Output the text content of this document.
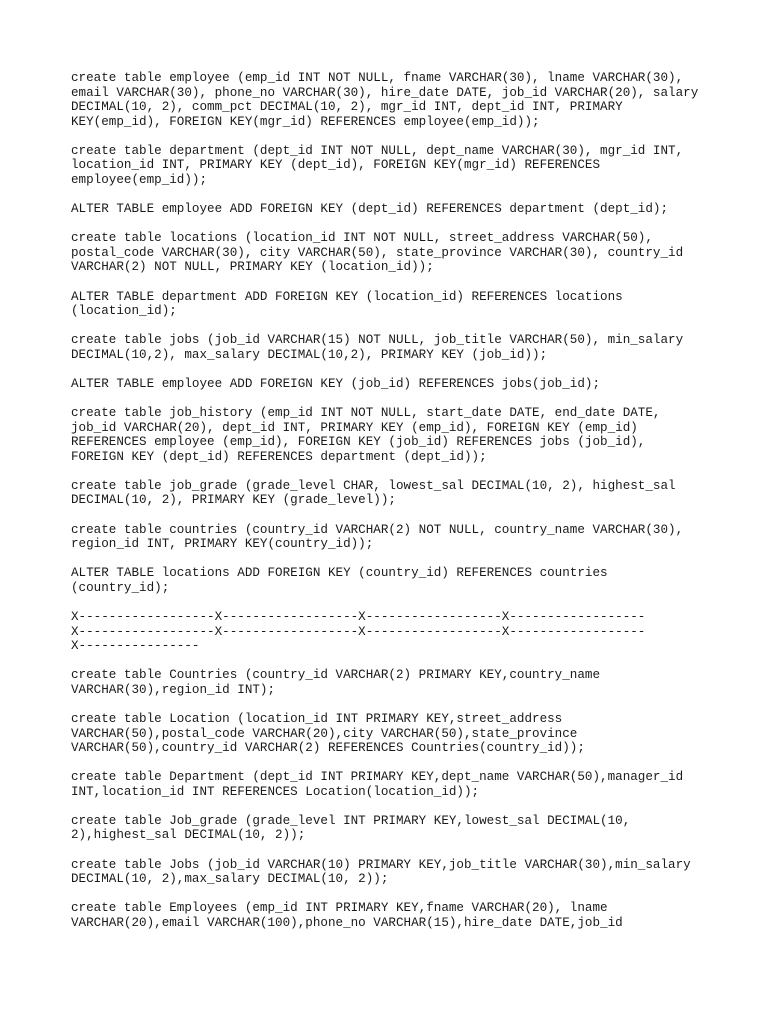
create table employee (emp_id INT NOT NULL, fname VARCHAR(30), lname VARCHAR(30),
email VARCHAR(30), phone_no VARCHAR(30), hire_date DATE, job_id VARCHAR(20), salary
DECIMAL(10, 2), comm_pct DECIMAL(10, 2), mgr_id INT, dept_id INT, PRIMARY
KEY(emp_id), FOREIGN KEY(mgr_id) REFERENCES employee(emp_id));

create table department (dept_id INT NOT NULL, dept_name VARCHAR(30), mgr_id INT,
location_id INT, PRIMARY KEY (dept_id), FOREIGN KEY(mgr_id) REFERENCES
employee(emp_id));

ALTER TABLE employee ADD FOREIGN KEY (dept_id) REFERENCES department (dept_id);

create table locations (location_id INT NOT NULL, street_address VARCHAR(50),
postal_code VARCHAR(30), city VARCHAR(50), state_province VARCHAR(30), country_id
VARCHAR(2) NOT NULL, PRIMARY KEY (location_id));

ALTER TABLE department ADD FOREIGN KEY (location_id) REFERENCES locations
(location_id);

create table jobs (job_id VARCHAR(15) NOT NULL, job_title VARCHAR(50), min_salary
DECIMAL(10,2), max_salary DECIMAL(10,2), PRIMARY KEY (job_id));

ALTER TABLE employee ADD FOREIGN KEY (job_id) REFERENCES jobs(job_id);

create table job_history (emp_id INT NOT NULL, start_date DATE, end_date DATE,
job_id VARCHAR(20), dept_id INT, PRIMARY KEY (emp_id), FOREIGN KEY (emp_id)
REFERENCES employee (emp_id), FOREIGN KEY (job_id) REFERENCES jobs (job_id),
FOREIGN KEY (dept_id) REFERENCES department (dept_id));

create table job_grade (grade_level CHAR, lowest_sal DECIMAL(10, 2), highest_sal
DECIMAL(10, 2), PRIMARY KEY (grade_level));

create table countries (country_id VARCHAR(2) NOT NULL, country_name VARCHAR(30),
region_id INT, PRIMARY KEY(country_id));

ALTER TABLE locations ADD FOREIGN KEY (country_id) REFERENCES countries
(country_id);

X------------------X------------------X------------------X------------------
X------------------X------------------X------------------X------------------
X----------------

create table Countries (country_id VARCHAR(2) PRIMARY KEY,country_name
VARCHAR(30),region_id INT);

create table Location (location_id INT PRIMARY KEY,street_address
VARCHAR(50),postal_code VARCHAR(20),city VARCHAR(50),state_province
VARCHAR(50),country_id VARCHAR(2) REFERENCES Countries(country_id));

create table Department (dept_id INT PRIMARY KEY,dept_name VARCHAR(50),manager_id
INT,location_id INT REFERENCES Location(location_id));

create table Job_grade (grade_level INT PRIMARY KEY,lowest_sal DECIMAL(10,
2),highest_sal DECIMAL(10, 2));

create table Jobs (job_id VARCHAR(10) PRIMARY KEY,job_title VARCHAR(30),min_salary
DECIMAL(10, 2),max_salary DECIMAL(10, 2));

create table Employees (emp_id INT PRIMARY KEY,fname VARCHAR(20), lname
VARCHAR(20),email VARCHAR(100),phone_no VARCHAR(15),hire_date DATE,job_id
